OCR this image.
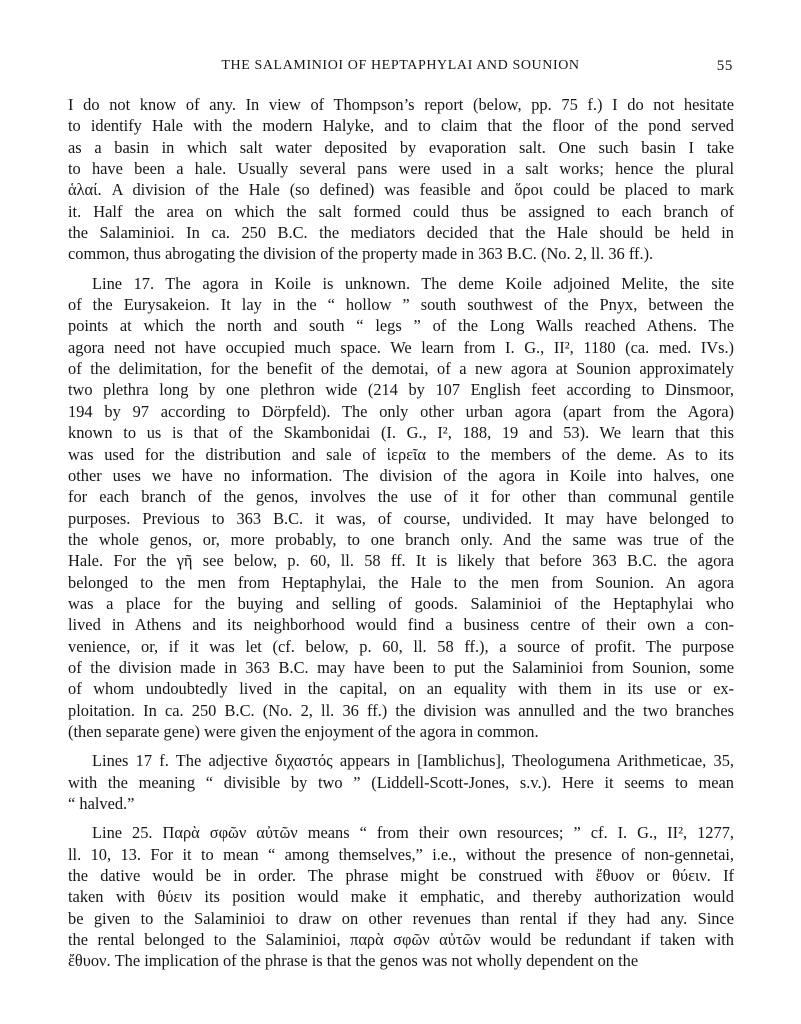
THE SALAMINIOI OF HEPTAPHYLAI AND SOUNION	55
I do not know of any. In view of Thompson’s report (below, pp. 75 f.) I do not hesitate
to identify Hale with the modern Halyke, and to claim that the floor of the pond served
as a basin in which salt water deposited by evaporation salt. One such basin I take
to have been a hale. Usually several pans were used in a salt works; hence the plural
ἁλαί. A division of the Hale (so defined) was feasible and ὅροι could be placed to mark
it. Half the area on which the salt formed could thus be assigned to each branch of
the Salaminioi. In ca. 250 B.C. the mediators decided that the Hale should be held in
common, thus abrogating the division of the property made in 363 B.C. (No. 2, ll. 36 ff.).
Line 17. The agora in Koile is unknown. The deme Koile adjoined Melite, the site
of the Eurysakeion. It lay in the “ hollow ” south southwest of the Pnyx, between the
points at which the north and south “ legs ” of the Long Walls reached Athens. The
agora need not have occupied much space. We learn from I. G., II², 1180 (ca. med. IVs.)
of the delimitation, for the benefit of the demotai, of a new agora at Sounion approximately
two plethra long by one plethron wide (214 by 107 English feet according to Dinsmoor,
194 by 97 according to Dörpfeld). The only other urban agora (apart from the Agora)
known to us is that of the Skambonidai (I. G., I², 188, 19 and 53). We learn that this
was used for the distribution and sale of ἱερεῖα to the members of the deme. As to its
other uses we have no information. The division of the agora in Koile into halves, one
for each branch of the genos, involves the use of it for other than communal gentile
purposes. Previous to 363 B.C. it was, of course, undivided. It may have belonged to
the whole genos, or, more probably, to one branch only. And the same was true of the
Hale. For the γῆ see below, p. 60, ll. 58 ff. It is likely that before 363 B.C. the agora
belonged to the men from Heptaphylai, the Hale to the men from Sounion. An agora
was a place for the buying and selling of goods. Salaminioi of the Heptaphylai who
lived in Athens and its neighborhood would find a business centre of their own a con-
venience, or, if it was let (cf. below, p. 60, ll. 58 ff.), a source of profit. The purpose
of the division made in 363 B.C. may have been to put the Salaminioi from Sounion, some
of whom undoubtedly lived in the capital, on an equality with them in its use or ex-
ploitation. In ca. 250 B.C. (No. 2, ll. 36 ff.) the division was annulled and the two branches
(then separate gene) were given the enjoyment of the agora in common.
Lines 17 f. The adjective διχαστός appears in [Iamblichus], Theologumena Arithmeticae, 35,
with the meaning “ divisible by two ” (Liddell-Scott-Jones, s.v.). Here it seems to mean
“ halved.”
Line 25. Παρὰ σφῶν αὐτῶν means “ from their own resources; ” cf. I. G., II², 1277,
ll. 10, 13. For it to mean “ among themselves,” i.e., without the presence of non-gennetai,
the dative would be in order. The phrase might be construed with ἔθυον or θύειν. If
taken with θύειν its position would make it emphatic, and thereby authorization would
be given to the Salaminioi to draw on other revenues than rental if they had any. Since
the rental belonged to the Salaminioi, παρὰ σφῶν αὐτῶν would be redundant if taken with
ἔθυον. The implication of the phrase is that the genos was not wholly dependent on the
